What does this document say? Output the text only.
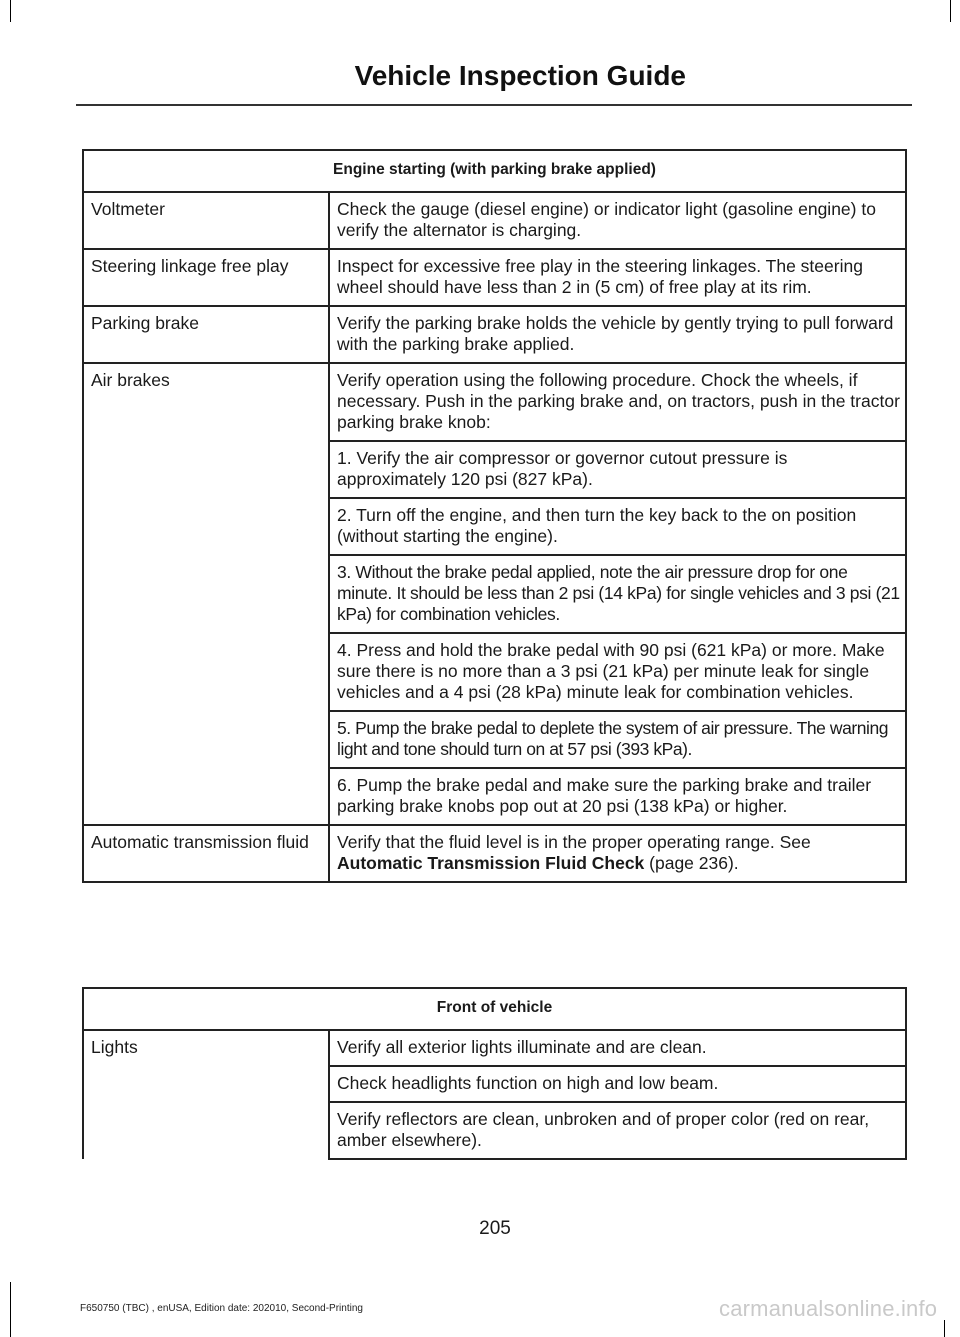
Vehicle Inspection Guide
Engine starting (with parking brake applied)	
Voltmeter	Check the gauge (diesel engine) or indicator light (gasoline engine) to verify the alternator is charging.
Steering linkage free play	Inspect for excessive free play in the steering linkages. The steering wheel should have less than 2 in (5 cm) of free play at its rim.
Parking brake	Verify the parking brake holds the vehicle by gently trying to pull forward with the parking brake applied.
Air brakes	Verify operation using the following procedure. Chock the wheels, if necessary. Push in the parking brake and, on tractors, push in the tractor parking brake knob:
	1. Verify the air compressor or governor cutout pressure is approximately 120 psi (827 kPa).
	2. Turn off the engine, and then turn the key back to the on position (without starting the engine).
	3. Without the brake pedal applied, note the air pressure drop for one minute. It should be less than 2 psi (14 kPa) for single vehicles and 3 psi (21 kPa) for combination vehicles.
	4. Press and hold the brake pedal with 90 psi (621 kPa) or more. Make sure there is no more than a 3 psi (21 kPa) per minute leak for single vehicles and a 4 psi (28 kPa) minute leak for combination vehicles.
	5. Pump the brake pedal to deplete the system of air pressure. The warning light and tone should turn on at 57 psi (393 kPa).
	6. Pump the brake pedal and make sure the parking brake and trailer parking brake knobs pop out at 20 psi (138 kPa) or higher.
Automatic transmission fluid	Verify that the fluid level is in the proper operating range. See Automatic Transmission Fluid Check (page 236).
Front of vehicle
Lights	Verify all exterior lights illuminate and are clean.
Check headlights function on high and low beam.
Verify reflectors are clean, unbroken and of proper color (red on rear, amber elsewhere).
205
F650750 (TBC) , enUSA, Edition date: 202010, Second-Printing	carmanualsonline.info
